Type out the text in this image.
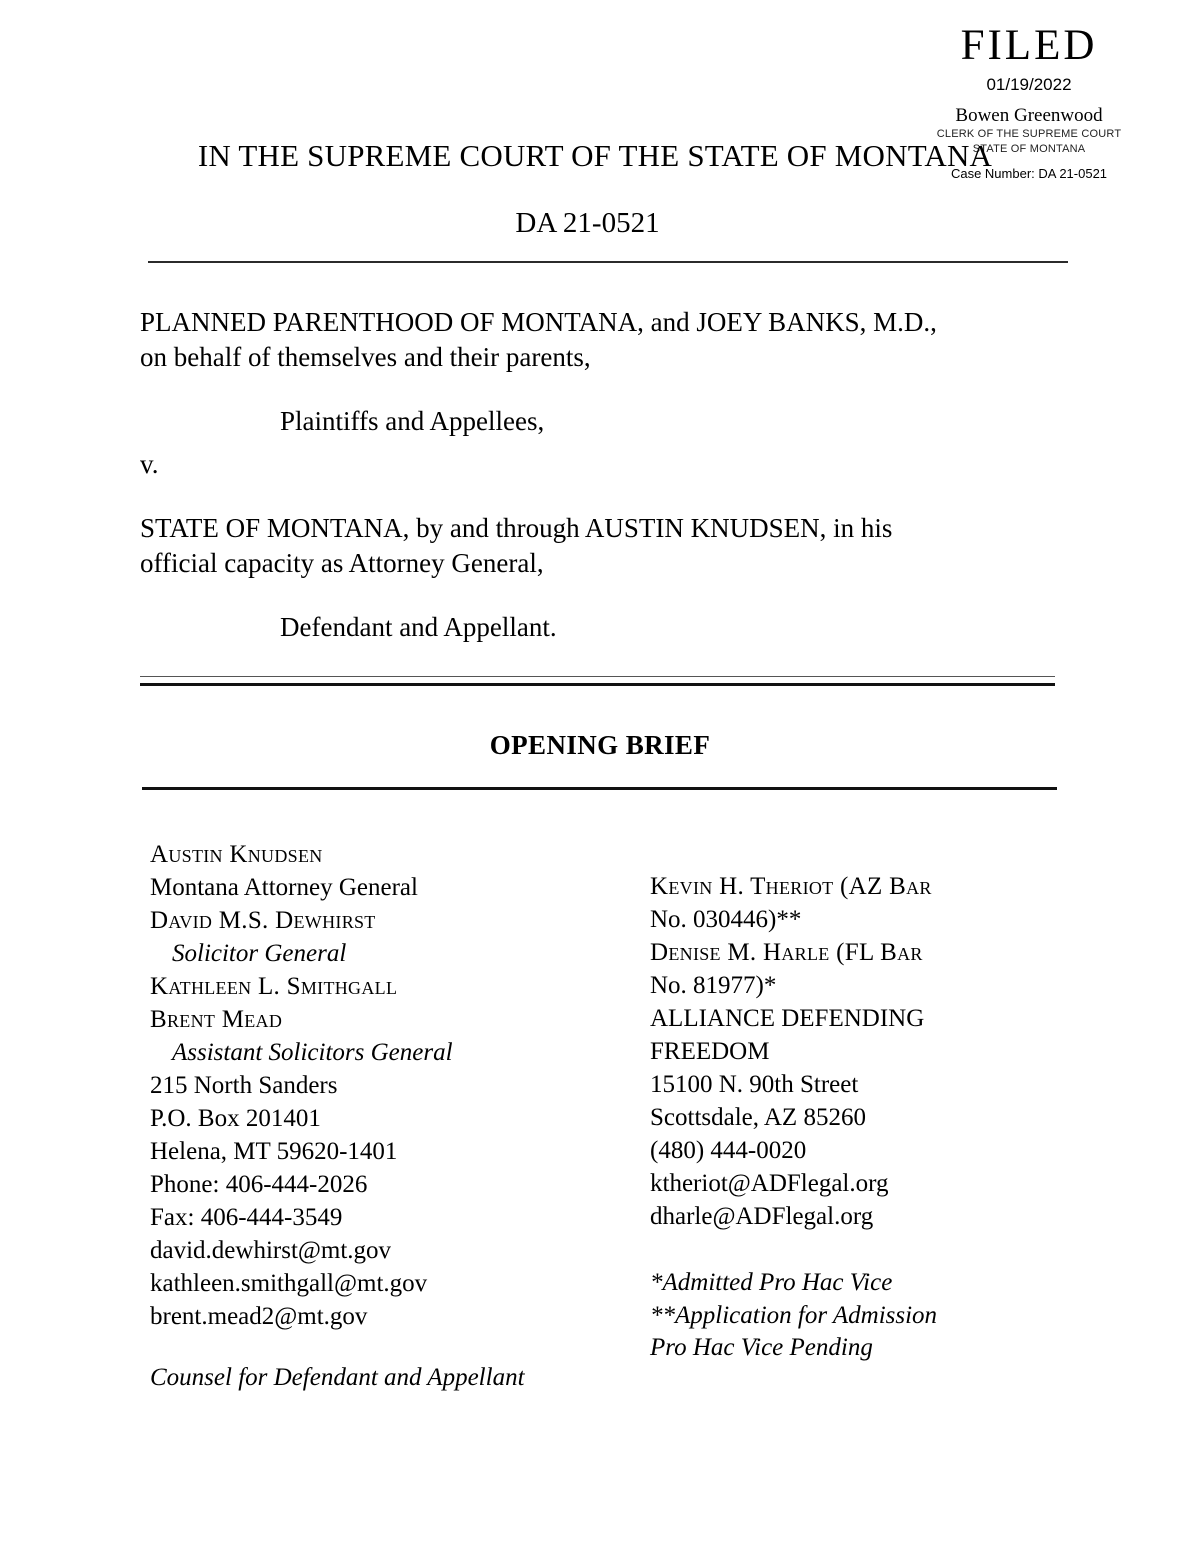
FILED
01/19/2022
Bowen Greenwood
CLERK OF THE SUPREME COURT
STATE OF MONTANA
Case Number: DA 21-0521
IN THE SUPREME COURT OF THE STATE OF MONTANA
DA 21-0521
PLANNED PARENTHOOD OF MONTANA, and JOEY BANKS, M.D.,
on behalf of themselves and their parents,
Plaintiffs and Appellees,
v.
STATE OF MONTANA, by and through AUSTIN KNUDSEN, in his
official capacity as Attorney General,
Defendant and Appellant.
OPENING BRIEF
Austin Knudsen
Montana Attorney General
David M.S. Dewhirst
Solicitor General
Kathleen L. Smithgall
Brent Mead
Assistant Solicitors General
215 North Sanders
P.O. Box 201401
Helena, MT 59620-1401
Phone: 406-444-2026
Fax: 406-444-3549
david.dewhirst@mt.gov
kathleen.smithgall@mt.gov
brent.mead2@mt.gov
Kevin H. Theriot (AZ Bar
No. 030446)**
Denise M. Harle (FL Bar
No. 81977)*
ALLIANCE DEFENDING
FREEDOM
15100 N. 90th Street
Scottsdale, AZ 85260
(480) 444-0020
ktheriot@ADFlegal.org
dharle@ADFlegal.org
*Admitted Pro Hac Vice
**Application for Admission
Pro Hac Vice Pending
Counsel for Defendant and Appellant
